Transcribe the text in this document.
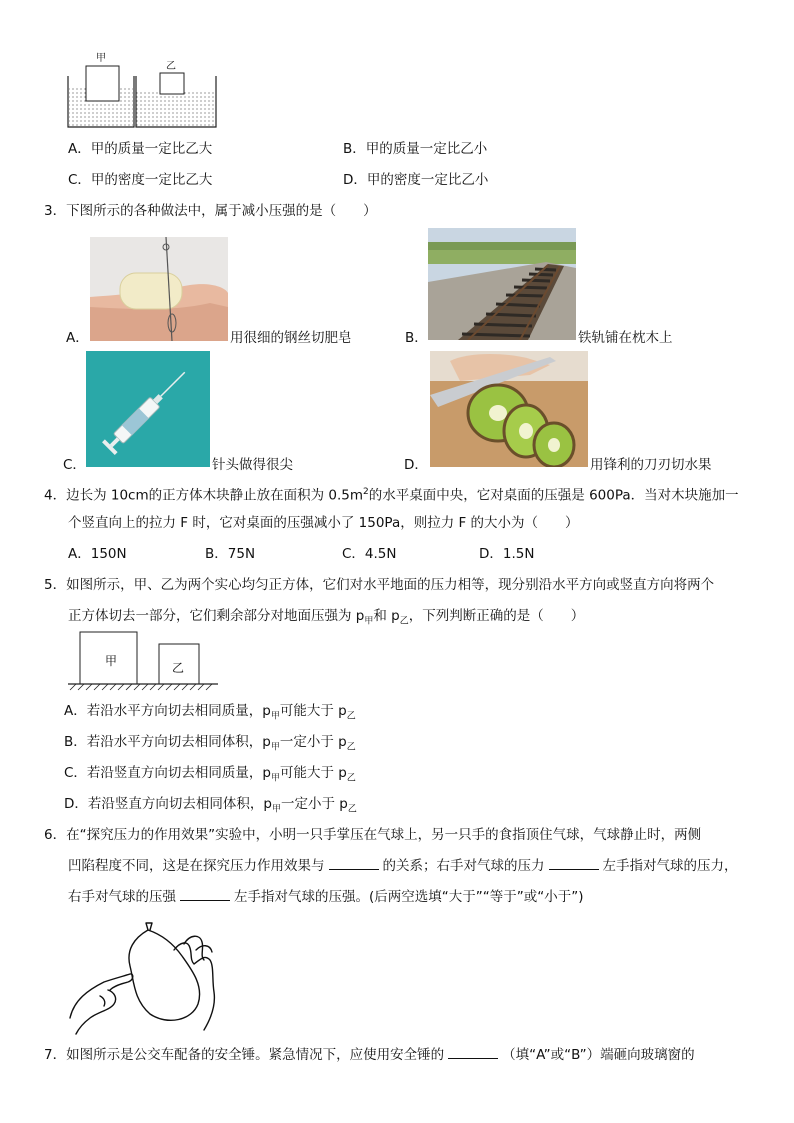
甲
乙
A．甲的质量一定比乙大	B．甲的质量一定比乙小
C．甲的密度一定比乙大	D．甲的密度一定比乙小
3．下图所示的各种做法中，属于减小压强的是（　　）
A．	用很细的钢丝切肥皂	B．	铁轨铺在枕木上
C．	针头做得很尖	D．	用锋利的刀刃切水果
4．边长为 10cm的正方体木块静止放在面积为 $0.5m^2$的水平桌面中央，它对桌面的压强是 600Pa．当对木块施加一
个竖直向上的拉力 F 时，它对桌面的压强减小了 150Pa，则拉力 F 的大小为（　　）
A．150N	B．75N	C．4.5N	D．1.5N
5．如图所示，甲、乙为两个实心均匀正方体，它们对水平地面的压力相等，现分别沿水平方向或竖直方向将两个
正方体切去一部分，它们剩余部分对地面压强为 $p_甲$和 $p_乙$，下列判断正确的是（　　）
甲	乙
A．若沿水平方向切去相同质量，$p_甲$可能大于 $p_乙$
B．若沿水平方向切去相同体积，$p_甲$一定小于 $p_乙$
C．若沿竖直方向切去相同质量，$p_甲$可能大于 $p_乙$
D．若沿竖直方向切去相同体积，$p_甲$一定小于 $p_乙$
6．在“探究压力的作用效果”实验中，小明一只手掌压在气球上，另一只手的食指顶住气球，气球静止时，两侧
凹陷程度不同，这是在探究压力作用效果与	的关系；右手对气球的压力	左手指对气球的压力，
右手对气球的压强	左手指对气球的压强。(后两空选填“大于”“等于”或“小于”)
7．如图所示是公交车配备的安全锤。紧急情况下，应使用安全锤的	（填“A”或“B”）端砸向玻璃窗的
